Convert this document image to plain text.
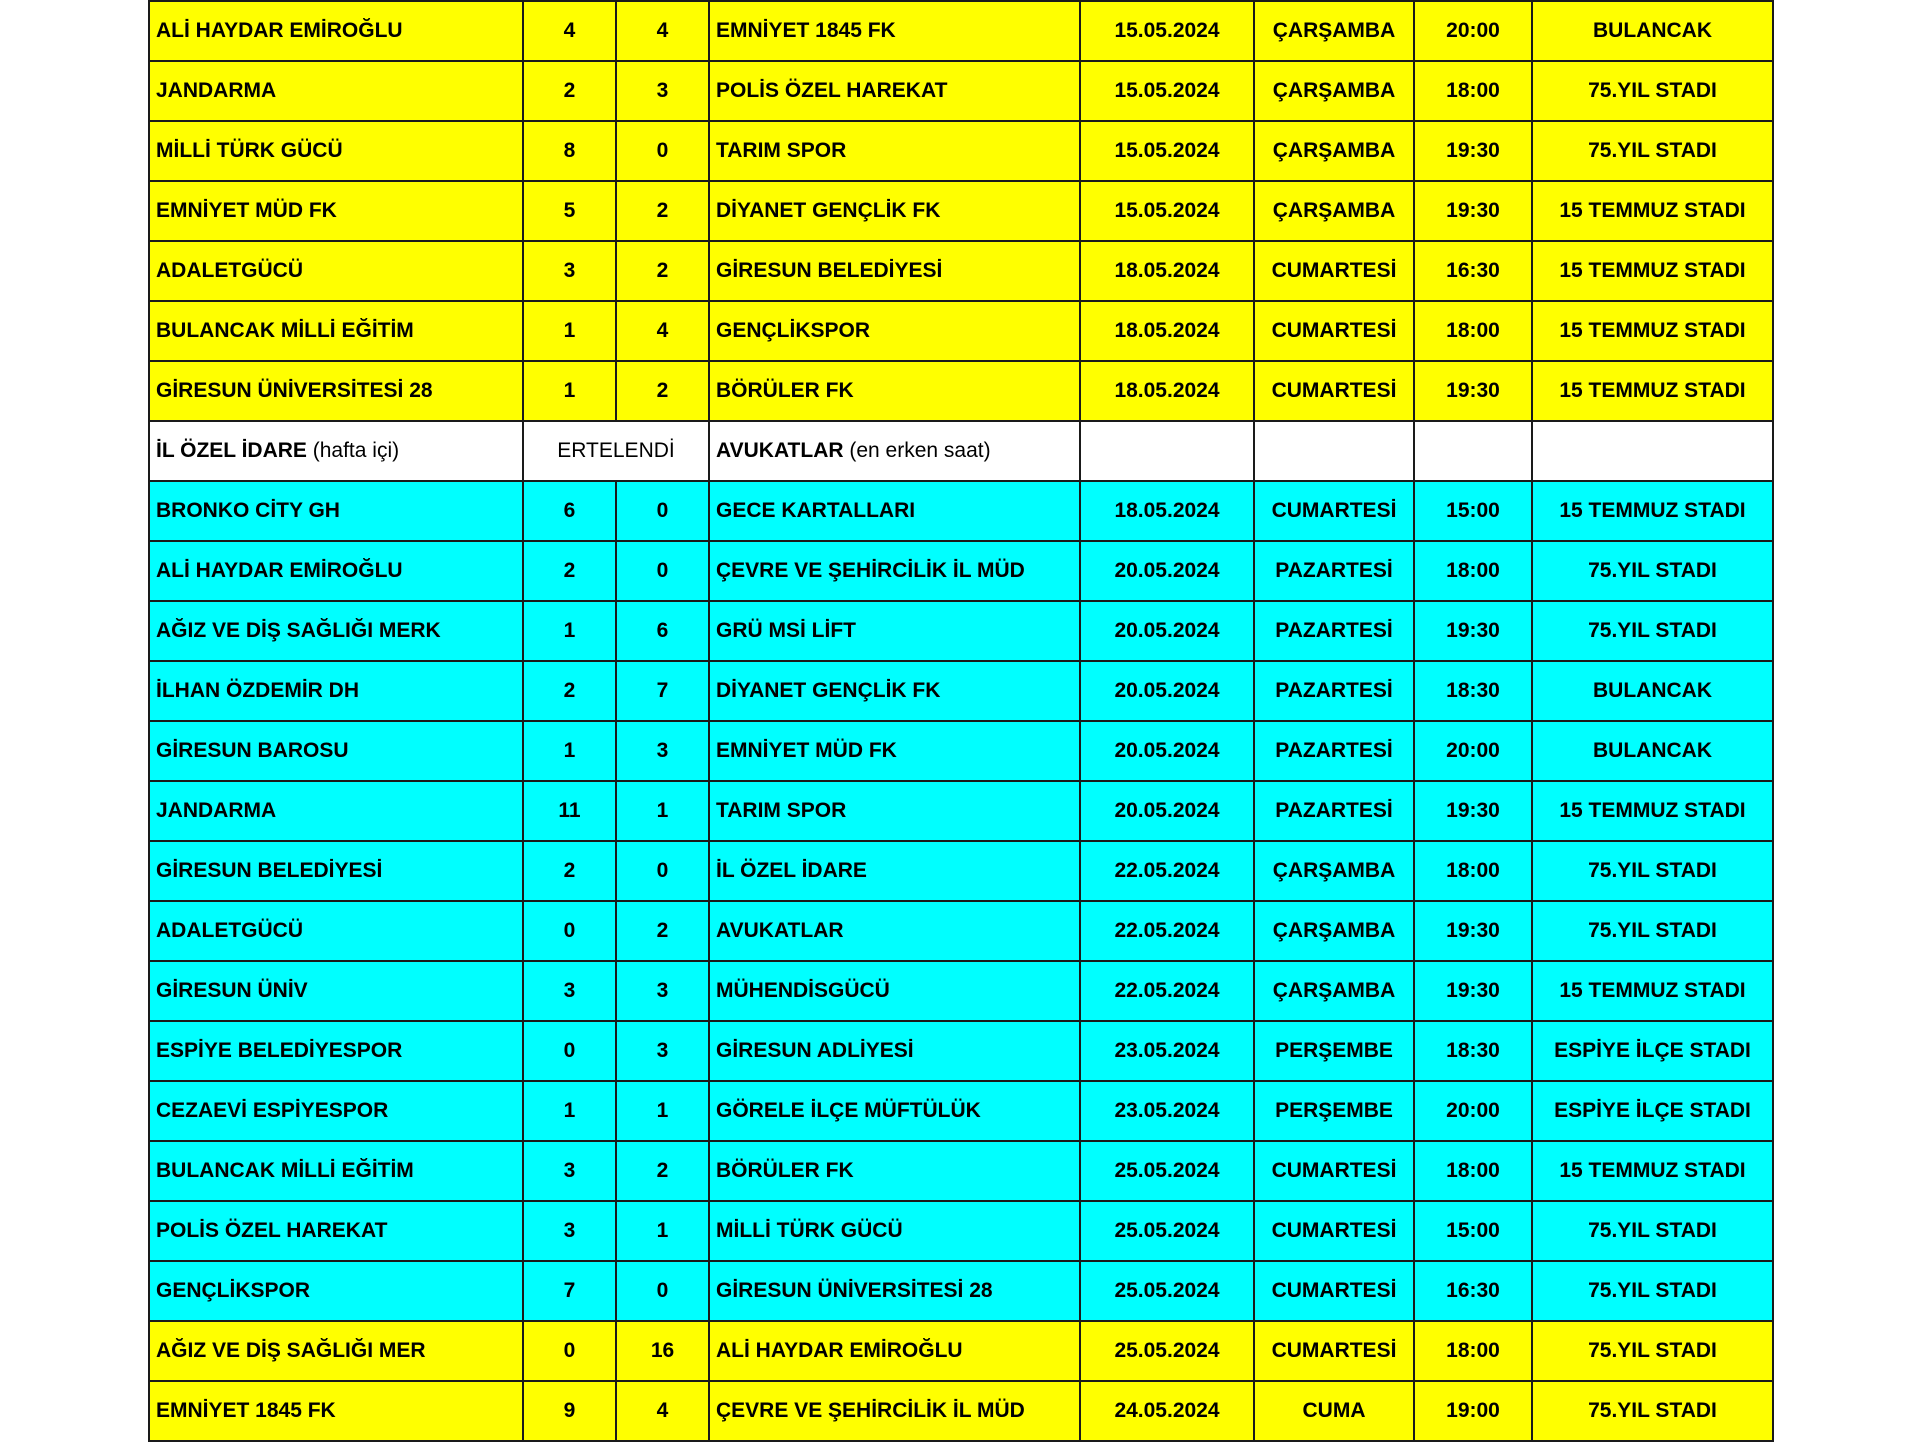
ALİ HAYDAR EMİROĞLU	4	4	EMNİYET 1845 FK	15.05.2024	ÇARŞAMBA	20:00	BULANCAK
JANDARMA	2	3	POLİS ÖZEL HAREKAT	15.05.2024	ÇARŞAMBA	18:00	75.YIL STADI
MİLLİ TÜRK GÜCÜ	8	0	TARIM SPOR	15.05.2024	ÇARŞAMBA	19:30	75.YIL STADI
EMNİYET MÜD FK	5	2	DİYANET GENÇLİK FK	15.05.2024	ÇARŞAMBA	19:30	15 TEMMUZ STADI
ADALETGÜCÜ	3	2	GİRESUN BELEDİYESİ	18.05.2024	CUMARTESİ	16:30	15 TEMMUZ STADI
BULANCAK MİLLİ EĞİTİM	1	4	GENÇLİKSPOR	18.05.2024	CUMARTESİ	18:00	15 TEMMUZ STADI
GİRESUN ÜNİVERSİTESİ 28	1	2	BÖRÜLER FK	18.05.2024	CUMARTESİ	19:30	15 TEMMUZ STADI
İL ÖZEL İDARE (hafta içi)	ERTELENDİ		AVUKATLAR (en erken saat)				
BRONKO CİTY GH	6	0	GECE KARTALLARI	18.05.2024	CUMARTESİ	15:00	15 TEMMUZ STADI
ALİ HAYDAR EMİROĞLU	2	0	ÇEVRE VE ŞEHİRCİLİK İL MÜD	20.05.2024	PAZARTESİ	18:00	75.YIL STADI
AĞIZ VE DİŞ SAĞLIĞI MERK	1	6	GRÜ MSİ LİFT	20.05.2024	PAZARTESİ	19:30	75.YIL STADI
İLHAN ÖZDEMİR DH	2	7	DİYANET GENÇLİK FK	20.05.2024	PAZARTESİ	18:30	BULANCAK
GİRESUN BAROSU	1	3	EMNİYET MÜD FK	20.05.2024	PAZARTESİ	20:00	BULANCAK
JANDARMA	11	1	TARIM SPOR	20.05.2024	PAZARTESİ	19:30	15 TEMMUZ STADI
GİRESUN BELEDİYESİ	2	0	İL ÖZEL İDARE	22.05.2024	ÇARŞAMBA	18:00	75.YIL STADI
ADALETGÜCÜ	0	2	AVUKATLAR	22.05.2024	ÇARŞAMBA	19:30	75.YIL STADI
GİRESUN ÜNİV	3	3	MÜHENDİSGÜCÜ	22.05.2024	ÇARŞAMBA	19:30	15 TEMMUZ STADI
ESPİYE BELEDİYESPOR	0	3	GİRESUN ADLİYESİ	23.05.2024	PERŞEMBE	18:30	ESPİYE İLÇE STADI
CEZAEVİ ESPİYESPOR	1	1	GÖRELE İLÇE MÜFTÜLÜK	23.05.2024	PERŞEMBE	20:00	ESPİYE İLÇE STADI
BULANCAK MİLLİ EĞİTİM	3	2	BÖRÜLER FK	25.05.2024	CUMARTESİ	18:00	15 TEMMUZ STADI
POLİS ÖZEL HAREKAT	3	1	MİLLİ TÜRK GÜCÜ	25.05.2024	CUMARTESİ	15:00	75.YIL STADI
GENÇLİKSPOR	7	0	GİRESUN ÜNİVERSİTESİ 28	25.05.2024	CUMARTESİ	16:30	75.YIL STADI
AĞIZ VE DİŞ SAĞLIĞI MER	0	16	ALİ HAYDAR EMİROĞLU	25.05.2024	CUMARTESİ	18:00	75.YIL STADI
EMNİYET 1845 FK	9	4	ÇEVRE VE ŞEHİRCİLİK İL MÜD	24.05.2024	CUMA	19:00	75.YIL STADI
